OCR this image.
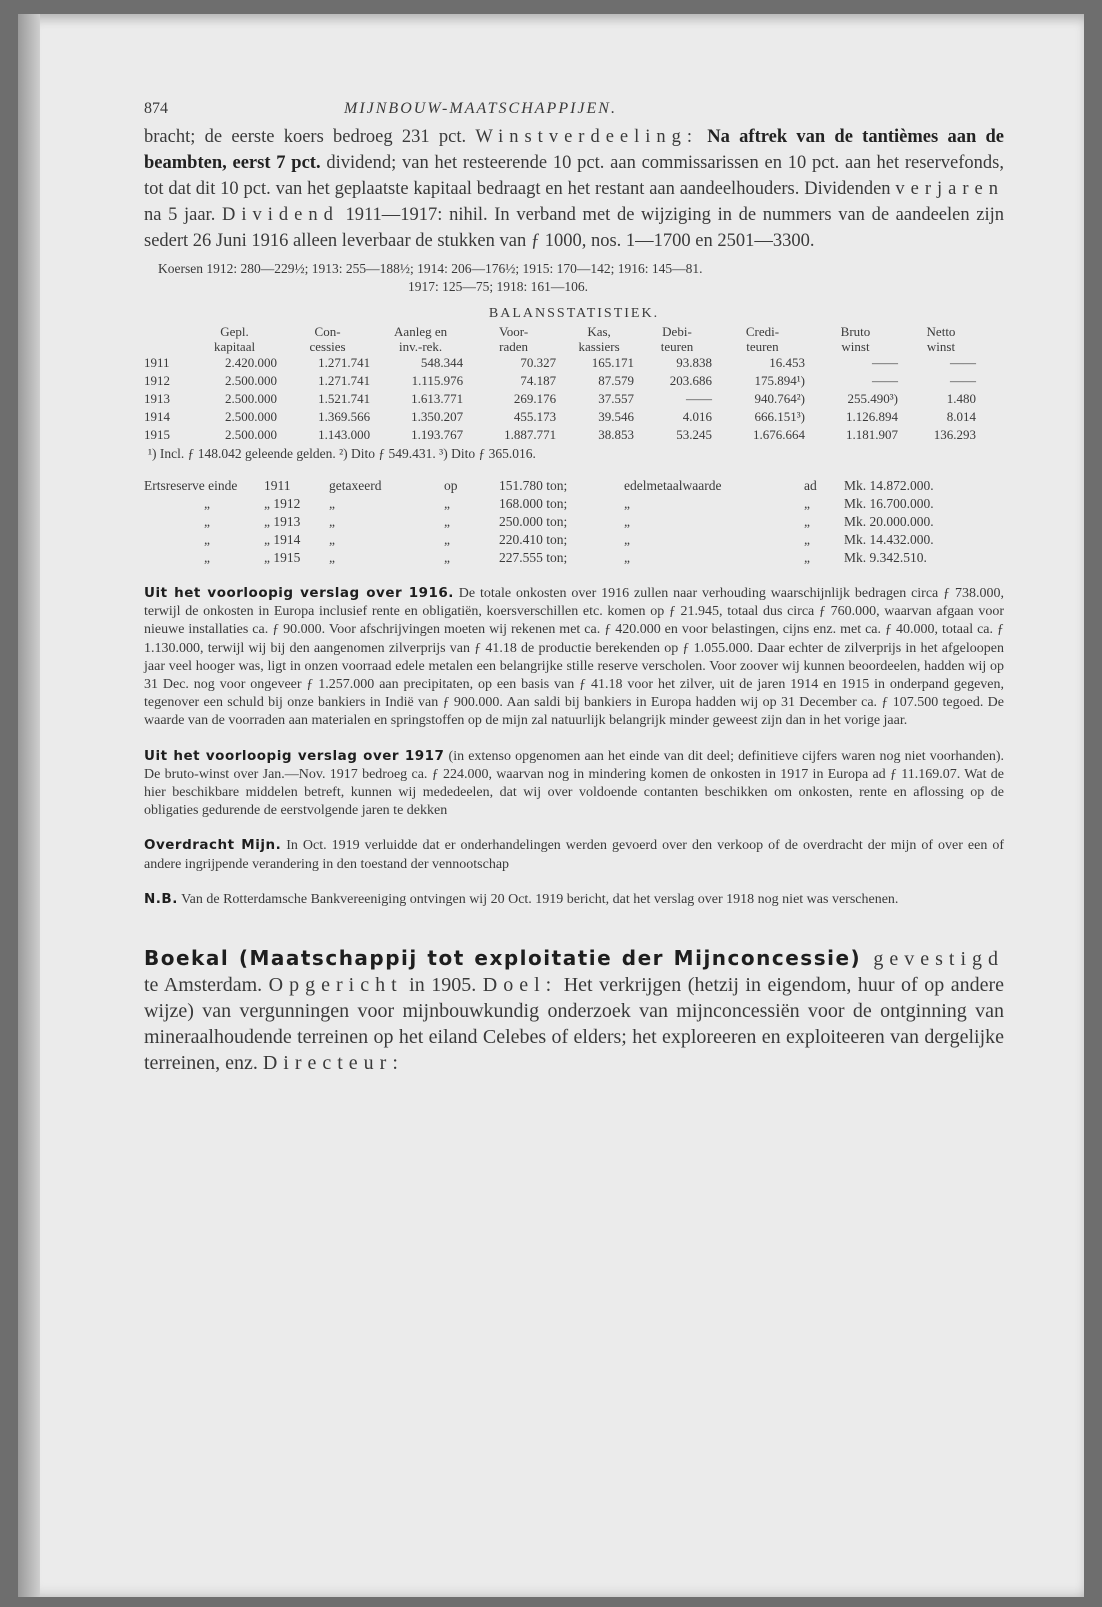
874	MIJNBOUW-MAATSCHAPPIJEN.

bracht; de eerste koers bedroeg 231 pct. Winstverdeeling: Na aftrek van de tantièmes aan de beambten, eerst 7 pct. dividend; van het resteerende 10 pct. aan commissarissen en 10 pct. aan het reservefonds, tot dat dit 10 pct. van het geplaatste kapitaal bedraagt en het restant aan aandeelhouders. Dividenden verjaren na 5 jaar. Dividend 1911—1917: nihil. In verband met de wijziging in de nummers van de aandeelen zijn sedert 26 Juni 1916 alleen leverbaar de stukken van ƒ 1000, nos. 1—1700 en 2501—3300.

Koersen 1912: 280—229½; 1913: 255—188½; 1914: 206—176½; 1915: 170—142; 1916: 145—81.
1917: 125—75; 1918: 161—106.
BALANSSTATISTIEK.
	Gepl.	Con-	Aanleg en	Voor-	Kas,	Debi-	Credi-	Bruto	Netto
	kapitaal	cessies	inv.-rek.	raden	kassiers	teuren	teuren	winst	winst
1911	2.420.000	1.271.741	548.344	70.327	165.171	93.838	16.453	——	——
1912	2.500.000	1.271.741	1.115.976	74.187	87.579	203.686	175.894¹)	——	——
1913	2.500.000	1.521.741	1.613.771	269.176	37.557	——	940.764²)	255.490³)	1.480
1914	2.500.000	1.369.566	1.350.207	455.173	39.546	4.016	666.151³)	1.126.894	8.014
1915	2.500.000	1.143.000	1.193.767	1.887.771	38.853	53.245	1.676.664	1.181.907	136.293
¹) Incl. ƒ 148.042 geleende gelden. ²) Dito ƒ 549.431. ³) Dito ƒ 365.016.
Ertsreserve einde 1911	getaxeerd	op	151.780 ton;	edelmetaalwaarde	ad Mk. 14.872.000.
„	„ 1912 „	„	168.000 ton;	„	„	Mk. 16.700.000.
„	„ 1913 „	„	250.000 ton;	„	„	Mk. 20.000.000.
„	„ 1914 „	„	220.410 ton;	„	„	Mk. 14.432.000.
„	„ 1915 „	„	227.555 ton;	„	„	Mk. 9.342.510.

Uit het voorloopig verslag over 1916. De totale onkosten over 1916 zullen naar verhouding waarschijnlijk bedragen circa ƒ 738.000, terwijl de onkosten in Europa inclusief rente en obligatiën, koersverschillen etc. komen op ƒ 21.945, totaal dus circa ƒ 760.000, waarvan afgaan voor nieuwe installaties ca. ƒ 90.000. Voor afschrijvingen moeten wij rekenen met ca. ƒ 420.000 en voor belastingen, cijns enz. met ca. ƒ 40.000, totaal ca. ƒ 1.130.000, terwijl wij bij den aangenomen zilverprijs van ƒ 41.18 de productie berekenden op ƒ 1.055.000. Daar echter de zilverprijs in het afgeloopen jaar veel hooger was, ligt in onzen voorraad edele metalen een belangrijke stille reserve verscholen. Voor zoover wij kunnen beoordeelen, hadden wij op 31 Dec. nog voor ongeveer ƒ 1.257.000 aan precipitaten, op een basis van ƒ 41.18 voor het zilver, uit de jaren 1914 en 1915 in onderpand gegeven, tegenover een schuld bij onze bankiers in Indië van ƒ 900.000. Aan saldi bij bankiers in Europa hadden wij op 31 December ca. ƒ 107.500 tegoed. De waarde van de voorraden aan materialen en springstoffen op de mijn zal natuurlijk belangrijk minder geweest zijn dan in het vorige jaar.

Uit het voorloopig verslag over 1917 (in extenso opgenomen aan het einde van dit deel; definitieve cijfers waren nog niet voorhanden). De bruto-winst over Jan.—Nov. 1917 bedroeg ca. ƒ 224.000, waarvan nog in mindering komen de onkosten in 1917 in Europa ad ƒ 11.169.07. Wat de hier beschikbare middelen betreft, kunnen wij mededeelen, dat wij over voldoende contanten beschikken om onkosten, rente en aflossing op de obligaties gedurende de eerstvolgende jaren te dekken

Overdracht Mijn. In Oct. 1919 verluidde dat er onderhandelingen werden gevoerd over den verkoop of de overdracht der mijn of over een of andere ingrijpende verandering in den toestand der vennootschap

N.B. Van de Rotterdamsche Bankvereeniging ontvingen wij 20 Oct. 1919 bericht, dat het verslag over 1918 nog niet was verschenen.

Boekal (Maatschappij tot exploitatie der Mijnconcessie) gevestigd te Amsterdam. Opgericht in 1905. Doel: Het verkrijgen (hetzij in eigendom, huur of op andere wijze) van vergunningen voor mijnbouwkundig onderzoek van mijnconcessiën voor de ontginning van mineraalhoudende terreinen op het eiland Celebes of elders; het exploreeren en exploiteeren van dergelijke terreinen, enz. Directeur:
